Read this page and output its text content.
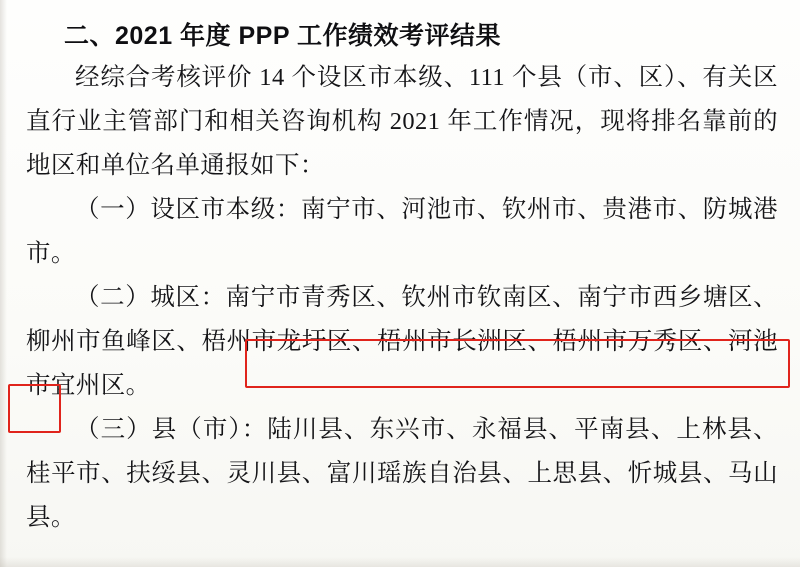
二、2021 年度 PPP 工作绩效考评结果

经综合考核评价 14 个设区市本级、111 个县（市、区）、有关区直行业主管部门和相关咨询机构 2021 年工作情况，现将排名靠前的地区和单位名单通报如下：

（一）设区市本级：南宁市、河池市、钦州市、贵港市、防城港市。

（二）城区：南宁市青秀区、钦州市钦南区、南宁市西乡塘区、柳州市鱼峰区、梧州市龙圩区、梧州市长洲区、梧州市万秀区、河池市宜州区。

（三）县（市）：陆川县、东兴市、永福县、平南县、上林县、桂平市、扶绥县、灵川县、富川瑶族自治县、上思县、忻城县、马山县。
